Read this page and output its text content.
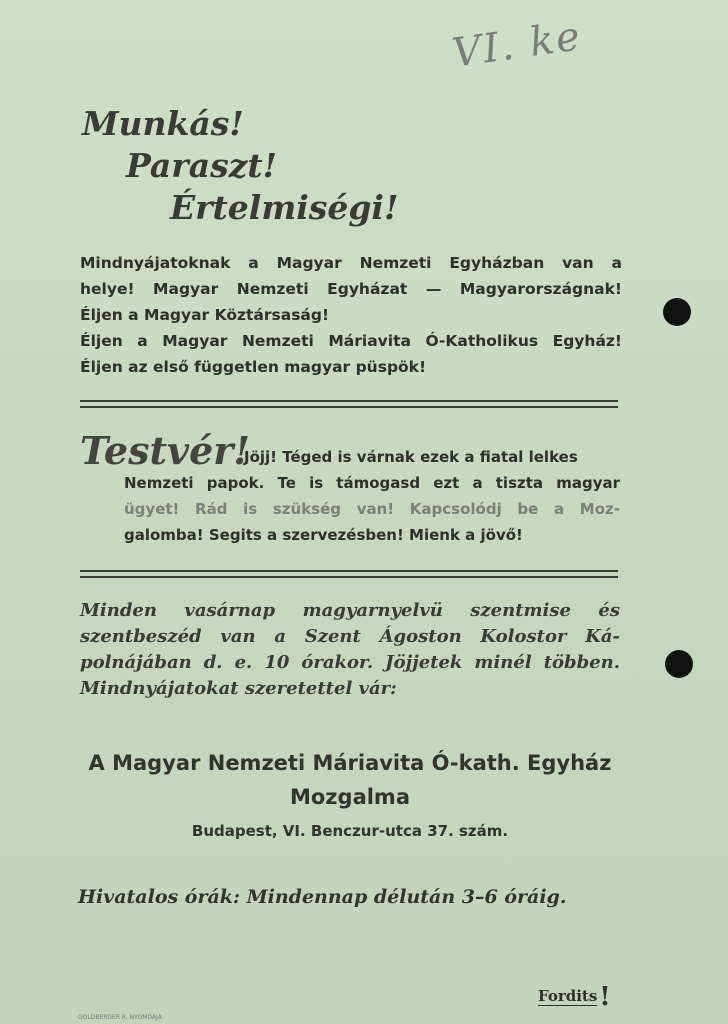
VI. ke
Munkás!
Paraszt!
Értelmiségi!
Mindnyájatoknak a Magyar Nemzeti Egyházban van a
helye! Magyar Nemzeti Egyházat — Magyarországnak!
Éljen a Magyar Köztársaság!
Éljen a Magyar Nemzeti Máriavita Ó-Katholikus Egyház!
Éljen az első független magyar püspök!
Testvér!
Jöjj! Téged is várnak ezek a fiatal lelkes
Nemzeti papok. Te is támogasd ezt a tiszta magyar
ügyet! Rád is szükség van! Kapcsolódj be a Moz-
galomba! Segits a szervezésben! Mienk a jövő!
Minden vasárnap magyarnyelvü szentmise és
szentbeszéd van a Szent Ágoston Kolostor Ká-
polnájában d. e. 10 órakor. Jöjjetek minél többen.
Mindnyájatokat szeretettel vár:
A Magyar Nemzeti Máriavita Ó-kath. Egyház
Mozgalma
Budapest, VI. Benczur-utca 37. szám.
Hivatalos órák: Mindennap délután 3–6 óráig.
Fordits!
GOLDBERGER R. NYOMDÁJA
